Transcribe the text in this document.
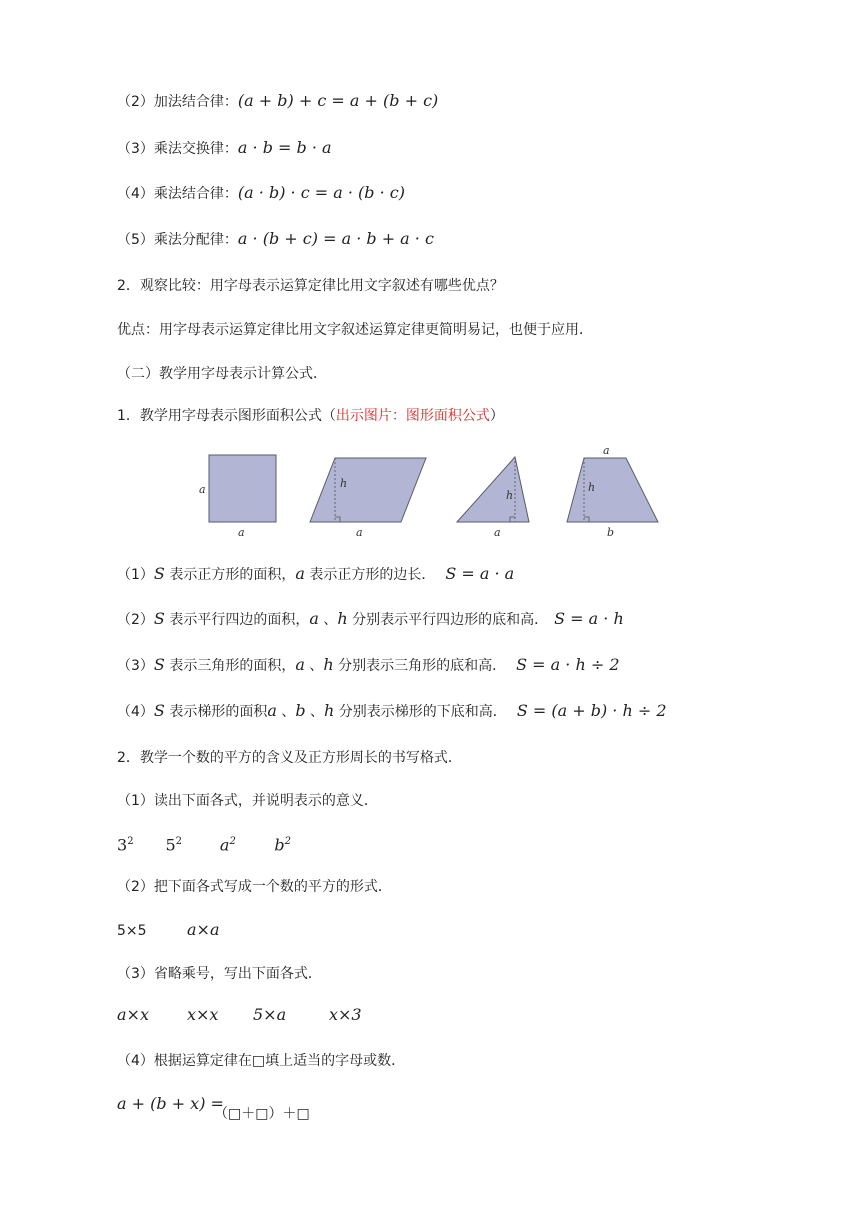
（2）加法结合律：(a + b) + c = a + (b + c)
（3）乘法交换律：a · b = b · a
（4）乘法结合律：(a · b) · c = a · (b · c)
（5）乘法分配律：a · (b + c) = a · b + a · c
2．观察比较：用字母表示运算定律比用文字叙述有哪些优点？
优点：用字母表示运算定律比用文字叙述运算定律更简明易记，也便于应用．
（二）教学用字母表示计算公式．
1．教学用字母表示图形面积公式（出示图片：图形面积公式）
a
a
h
a
h
a
a
h
b
（1）S 表示正方形的面积，a 表示正方形的边长． S = a · a
（2）S 表示平行四边的面积，a 、h 分别表示平行四边形的底和高． S = a · h
（3）S 表示三角形的面积，a 、h 分别表示三角形的底和高． S = a · h ÷ 2
（4）S 表示梯形的面积a 、b 、h 分别表示梯形的下底和高． S = (a + b) · h ÷ 2
2．教学一个数的平方的含义及正方形周长的书写格式．
（1）读出下面各式，并说明表示的意义．
$3^2$ $5^2$ $a^2$ $b^2$
（2）把下面各式写成一个数的平方的形式．
5×5	a×a
（3）省略乘号，写出下面各式．
a×x x×x 5×a	x×3
（4）根据运算定律在□填上适当的字母或数．
a + (b + x) =
（□＋□）＋□
